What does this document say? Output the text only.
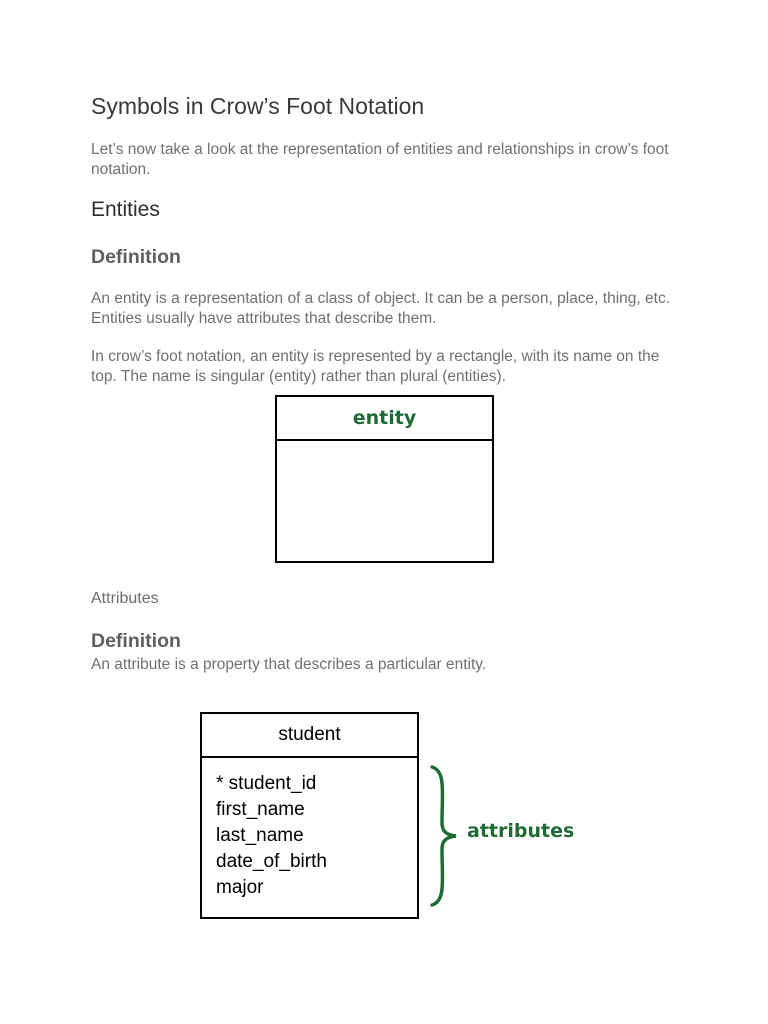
Symbols in Crow’s Foot Notation
Let’s now take a look at the representation of entities and relationships in crow’s foot notation.
Entities
Definition
An entity is a representation of a class of object. It can be a person, place, thing, etc. Entities usually have attributes that describe them.
In crow’s foot notation, an entity is represented by a rectangle, with its name on the top. The name is singular (entity) rather than plural (entities).
entity
Attributes
Definition
An attribute is a property that describes a particular entity.
student
* student_id
first_name
last_name
date_of_birth
major
attributes
